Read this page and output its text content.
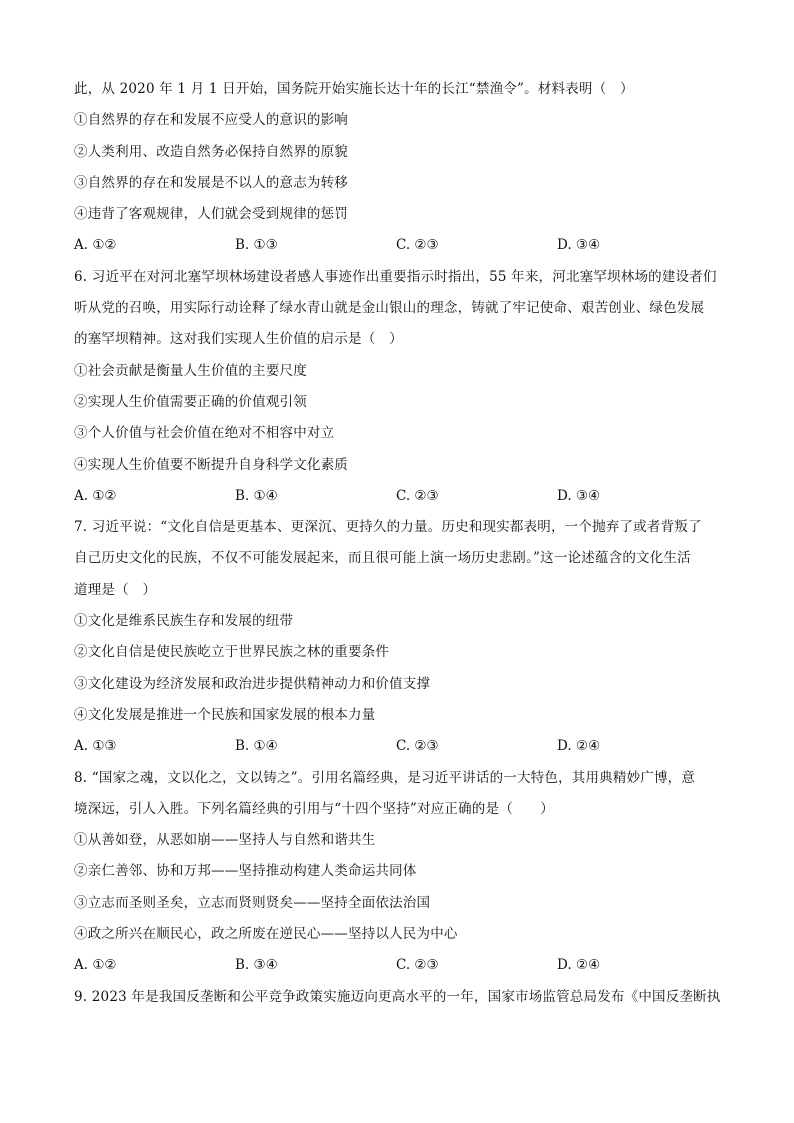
此，从 2020 年 1 月 1 日开始，国务院开始实施长达十年的长江“禁渔令”。材料表明（　）
①自然界的存在和发展不应受人的意识的影响
②人类利用、改造自然务必保持自然界的原貌
③自然界的存在和发展是不以人的意志为转移
④违背了客观规律，人们就会受到规律的惩罚
A. ①②	B. ①③	C. ②③	D. ③④
6. 习近平在对河北塞罕坝林场建设者感人事迹作出重要指示时指出，55 年来，河北塞罕坝林场的建设者们
听从党的召唤，用实际行动诠释了绿水青山就是金山银山的理念，铸就了牢记使命、艰苦创业、绿色发展
的塞罕坝精神。这对我们实现人生价值的启示是（　）
①社会贡献是衡量人生价值的主要尺度
②实现人生价值需要正确的价值观引领
③个人价值与社会价值在绝对不相容中对立
④实现人生价值要不断提升自身科学文化素质
A. ①②	B. ①④	C. ②③	D. ③④
7. 习近平说：“文化自信是更基本、更深沉、更持久的力量。历史和现实都表明，一个抛弃了或者背叛了
自己历史文化的民族，不仅不可能发展起来，而且很可能上演一场历史悲剧。”这一论述蕴含的文化生活
道理是（　）
①文化是维系民族生存和发展的纽带
②文化自信是使民族屹立于世界民族之林的重要条件
③文化建设为经济发展和政治进步提供精神动力和价值支撑
④文化发展是推进一个民族和国家发展的根本力量
A. ①③	B. ①④	C. ②③	D. ②④
8. “国家之魂，文以化之，文以铸之”。引用名篇经典，是习近平讲话的一大特色，其用典精妙广博，意
境深远，引人入胜。下列名篇经典的引用与“十四个坚持”对应正确的是（　　）
①从善如登，从恶如崩——坚持人与自然和谐共生
②亲仁善邻、协和万邦——坚持推动构建人类命运共同体
③立志而圣则圣矣，立志而贤则贤矣——坚持全面依法治国
④政之所兴在顺民心，政之所废在逆民心——坚持以人民为中心
A. ①②	B. ③④	C. ②③	D. ②④
9. 2023 年是我国反垄断和公平竞争政策实施迈向更高水平的一年，国家市场监管总局发布《中国反垄断执
